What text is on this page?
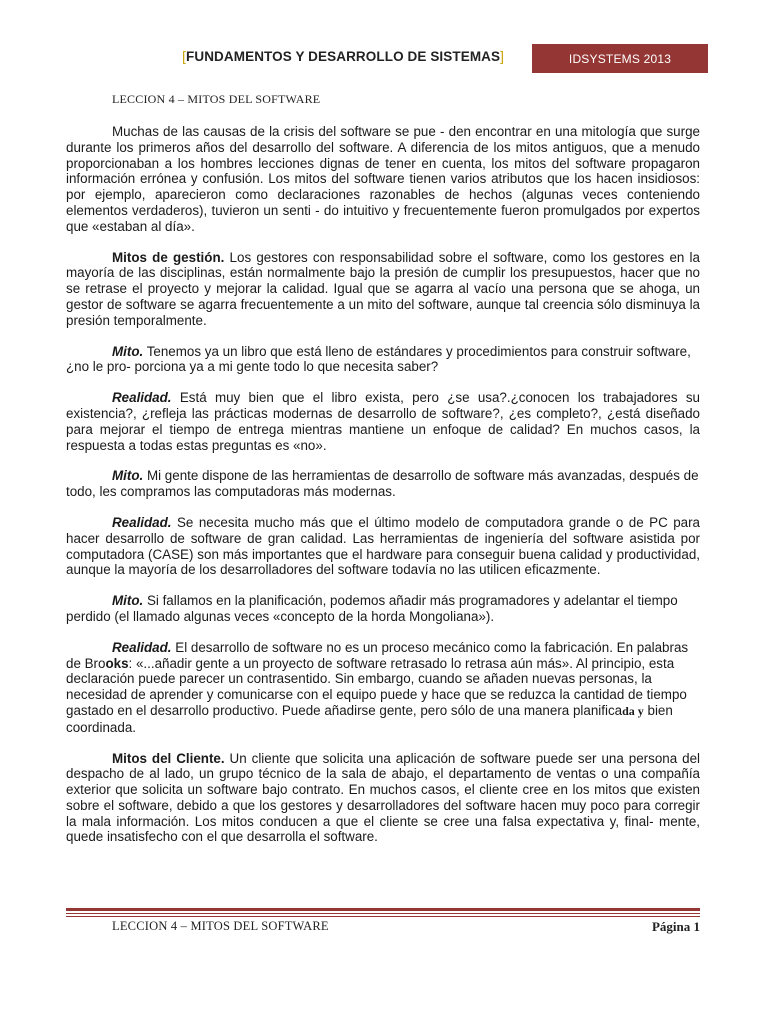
[FUNDAMENTOS Y DESARROLLO DE SISTEMAS]	IDSYSTEMS 2013
LECCION 4 – MITOS DEL SOFTWARE

Muchas de las causas de la crisis del software se pue - den encontrar en una mitología que surge durante los primeros años del desarrollo del software. A diferencia de los mitos antiguos, que a menudo proporcionaban a los hombres lecciones dignas de tener en cuenta, los mitos del software propagaron información errónea y confusión. Los mitos del software tienen varios atributos que los hacen insidiosos: por ejemplo, aparecieron como declaraciones razonables de hechos (algunas veces conteniendo elementos verdaderos), tuvieron un senti - do intuitivo y frecuentemente fueron promulgados por expertos que «estaban al día».

Mitos de gestión. Los gestores con responsabilidad sobre el software, como los gestores en la mayoría de las disciplinas, están normalmente bajo la presión de cumplir los presupuestos, hacer que no se retrase el proyecto y mejorar la calidad. Igual que se agarra al vacío una persona que se ahoga, un gestor de software se agarra frecuentemente a un mito del software, aunque tal creencia sólo disminuya la presión temporalmente.

Mito. Tenemos ya un libro que está lleno de estándares y procedimientos para construir software, ¿no le pro- porciona ya a mi gente todo lo que necesita saber?

Realidad. Está muy bien que el libro exista, pero ¿se usa?.¿conocen los trabajadores su existencia?, ¿refleja las prácticas modernas de desarrollo de software?, ¿es completo?, ¿está diseñado para mejorar el tiempo de entrega mientras mantiene un enfoque de calidad? En muchos casos, la respuesta a todas estas preguntas es «no».

Mito. Mi gente dispone de las herramientas de desarrollo de software más avanzadas, después de todo, les compramos las computadoras más modernas.

Realidad. Se necesita mucho más que el último modelo de computadora grande o de PC para hacer desarrollo de software de gran calidad. Las herramientas de ingeniería del software asistida por computadora (CASE) son más importantes que el hardware para conseguir buena calidad y productividad, aunque la mayoría de los desarrolladores del software todavía no las utilicen eficazmente.

Mito. Si fallamos en la planificación, podemos añadir más programadores y adelantar el tiempo perdido (el llamado algunas veces «concepto de la horda Mongoliana»).

Realidad. El desarrollo de software no es un proceso mecánico como la fabricación. En palabras de Brooks: «...añadir gente a un proyecto de software retrasado lo retrasa aún más». Al principio, esta declaración puede parecer un contrasentido. Sin embargo, cuando se añaden nuevas personas, la necesidad de aprender y comunicarse con el equipo puede y hace que se reduzca la cantidad de tiempo gastado en el desarrollo productivo. Puede añadirse gente, pero sólo de una manera planificada y bien coordinada.

Mitos del Cliente. Un cliente que solicita una aplicación de software puede ser una persona del despacho de al lado, un grupo técnico de la sala de abajo, el departamento de ventas o una compañía exterior que solicita un software bajo contrato. En muchos casos, el cliente cree en los mitos que existen sobre el software, debido a que los gestores y desarrolladores del software hacen muy poco para corregir la mala información. Los mitos conducen a que el cliente se cree una falsa expectativa y, final- mente, quede insatisfecho con el que desarrolla el software.

LECCION 4 – MITOS DEL SOFTWARE	Página 1
